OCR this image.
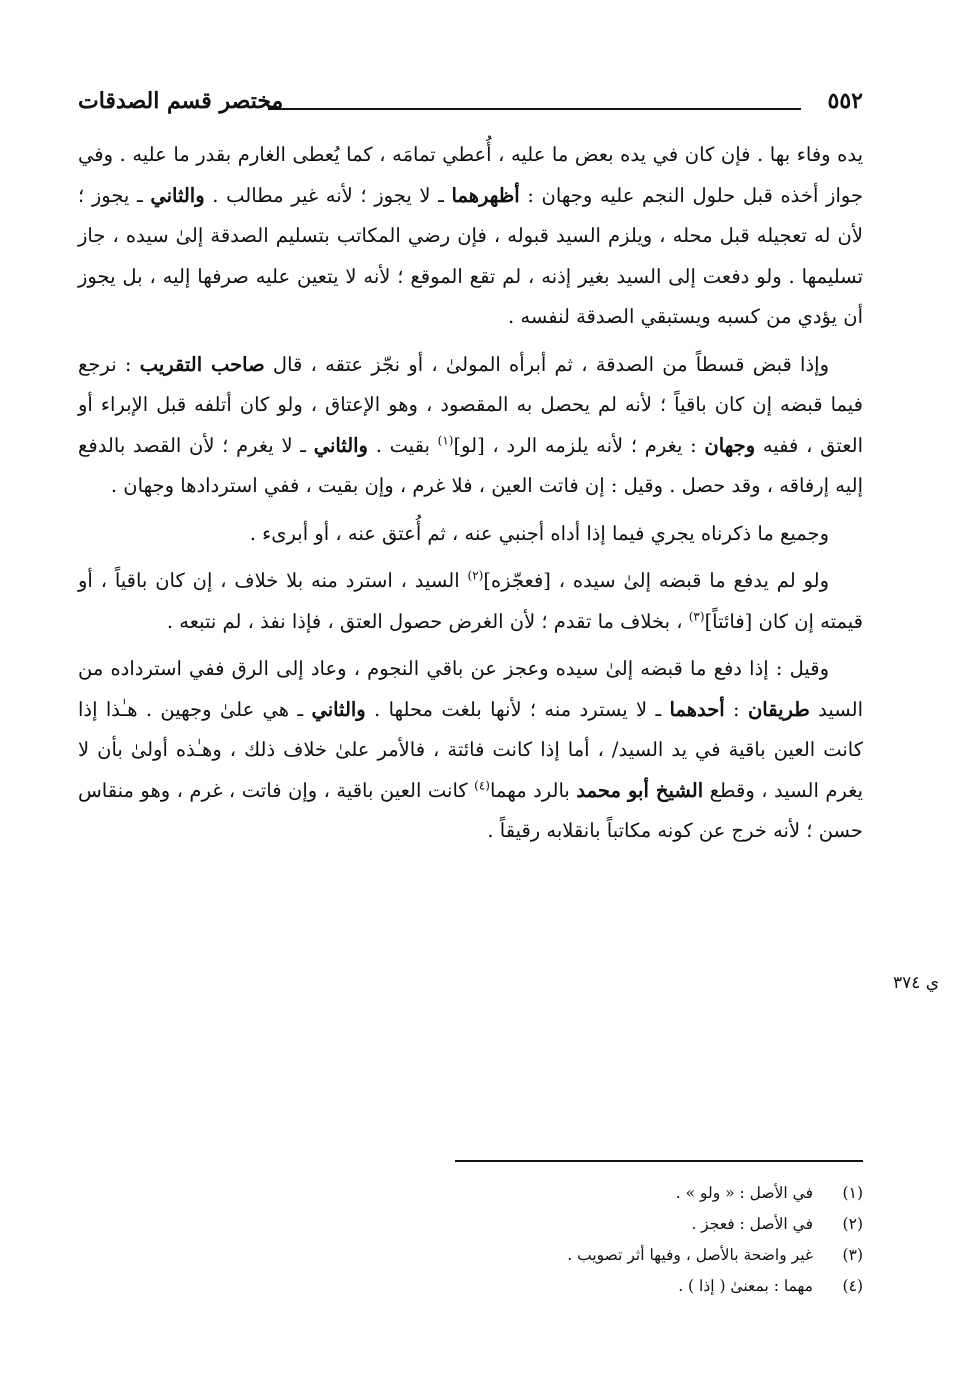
٥٥٢
مختصر قسم الصدقات

يده وفاء بها . فإن كان في يده بعض ما عليه ، أُعطي تمامَه ، كما يُعطى الغارم بقدر ما عليه . وفي جواز أخذه قبل حلول النجم عليه وجهان : أظهرهما ـ لا يجوز ؛ لأنه غير مطالب . والثاني ـ يجوز ؛ لأن له تعجيله قبل محله ، ويلزم السيد قبوله ، فإن رضي المكاتب بتسليم الصدقة إلىٰ سيده ، جاز تسليمها . ولو دفعت إلى السيد بغير إذنه ، لم تقع الموقع ؛ لأنه لا يتعين عليه صرفها إليه ، بل يجوز أن يؤدي من كسبه ويستبقي الصدقة لنفسه .

وإذا قبض قسطاً من الصدقة ، ثم أبرأه المولىٰ ، أو نجّز عتقه ، قال صاحب التقريب : نرجع فيما قبضه إن كان باقياً ؛ لأنه لم يحصل به المقصود ، وهو الإعتاق ، ولو كان أتلفه قبل الإبراء أو العتق ، ففيه وجهان : يغرم ؛ لأنه يلزمه الرد ، [لو]$^{(١)}$ بقيت . والثاني ـ لا يغرم ؛ لأن القصد بالدفع إليه إرفاقه ، وقد حصل . وقيل : إن فاتت العين ، فلا غرم ، وإن بقيت ، ففي استردادها وجهان .

وجميع ما ذكرناه يجري فيما إذا أداه أجنبي عنه ، ثم أُعتق عنه ، أو أبرىء .

ولو لم يدفع ما قبضه إلىٰ سيده ، [فعجّزه]$^{(٢)}$ السيد ، استرد منه بلا خلاف ، إن كان باقياً ، أو قيمته إن كان [فائتاً]$^{(٣)}$ ، بخلاف ما تقدم ؛ لأن الغرض حصول العتق ، فإذا نفذ ، لم نتبعه .

وقيل : إذا دفع ما قبضه إلىٰ سيده وعجز عن باقي النجوم ، وعاد إلى الرق ففي استرداده من السيد طريقان : أحدهما ـ لا يسترد منه ؛ لأنها بلغت محلها . والثاني ـ هي علىٰ وجهين . هـٰذا إذا كانت العين باقية في يد السيد/ ، أما إذا كانت فائتة ، فالأمر علىٰ خلاف ذلك ، وهـٰذه أولىٰ بأن لا يغرم السيد ، وقطع الشيخ أبو محمد بالرد مهما$^{(٤)}$ كانت العين باقية ، وإن فاتت ، غرم ، وهو منقاس حسن ؛ لأنه خرج عن كونه مكاتباً بانقلابه رقيقاً .

ي ٣٧٤
(١)
في الأصل : « ولو » .
(٢)
في الأصل : فعجز .
(٣)
غير واضحة بالأصل ، وفيها أثر تصويب .
(٤)
مهما : بمعنىٰ ( إذا ) .
